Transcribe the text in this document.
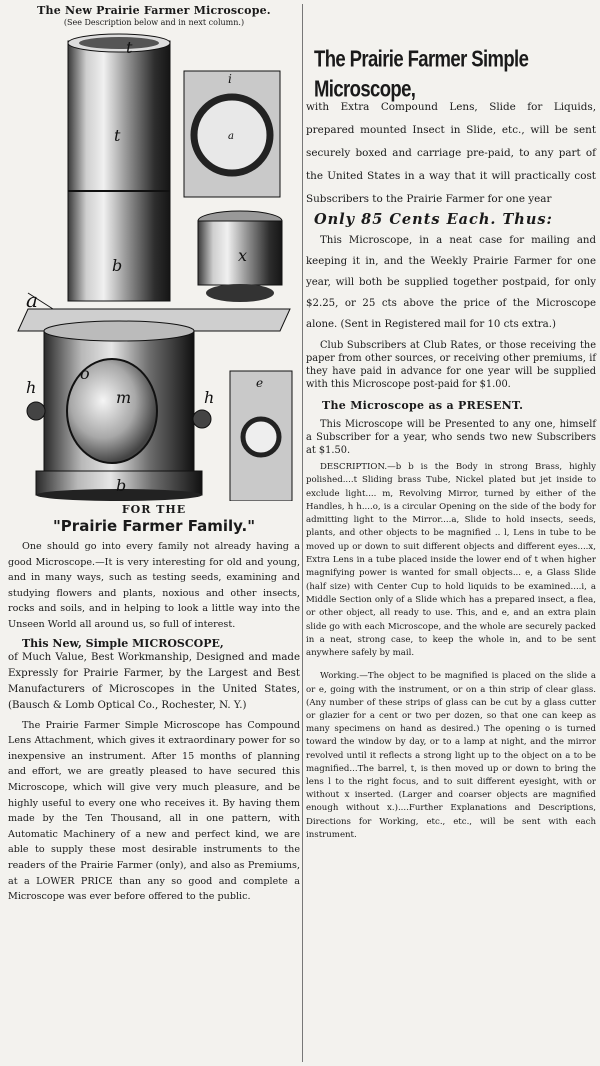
The New Prairie Farmer Microscope.
(See Description below and in next column.)
t
t
i
a
x
b
a
h
o
m	h
b
e
FOR THE
"Prairie Farmer Family."

One should go into every family not already having a good Microscope.—It is very interesting for old and young, and in many ways, such as testing seeds, examining and studying flowers and plants, noxious and other insects, rocks and soils, and in helping to look a little way into the Unseen World all around us, so full of interest.

This New, Simple MICROSCOPE,

of Much Value, Best Workmanship, Designed and made Expressly for Prairie Farmer, by the Largest and Best Manufacturers of Microscopes in the United States, (Bausch & Lomb Optical Co., Rochester, N. Y.)

The Prairie Farmer Simple Microscope has Compound Lens Attachment, which gives it extraordinary power for so inexpensive an instrument. After 15 months of planning and effort, we are greatly pleased to have secured this Microscope, which will give very much pleasure, and be highly useful to every one who receives it. By having them made by the Ten Thousand, all in one pattern, with Automatic Machinery of a new and perfect kind, we are able to supply these most desirable instruments to the readers of the Prairie Farmer (only), and also as Premiums, at a LOWER PRICE than any so good and complete a Microscope was ever before offered to the public.

The Prairie Farmer Simple Microscope,

with Extra Compound Lens, Slide for Liquids, prepared mounted Insect in Slide, etc., will be sent securely boxed and carriage pre-paid, to any part of the United States in a way that it will practically cost Subscribers to the Prairie Farmer for one year

Only 85 Cents Each. Thus:

This Microscope, in a neat case for mailing and keeping it in, and the Weekly Prairie Farmer for one year, will both be supplied together postpaid, for only $2.25, or 25 cts above the price of the Microscope alone. (Sent in Registered mail for 10 cts extra.)

Club Subscribers at Club Rates, or those receiving the paper from other sources, or receiving other premiums, if they have paid in advance for one year will be supplied with this Microscope post-paid for $1.00.

The Microscope as a PRESENT.

This Microscope will be Presented to any one, himself a Subscriber for a year, who sends two new Subscribers at $1.50.

DESCRIPTION.—b b is the Body in strong Brass, highly polished....t Sliding brass Tube, Nickel plated but jet inside to exclude light.... m, Revolving Mirror, turned by either of the Handles, h h....o, is a circular Opening on the side of the body for admitting light to the Mirror....a, Slide to hold insects, seeds, plants, and other objects to be magnified .. l, Lens in tube to be moved up or down to suit different objects and different eyes....x, Extra Lens in a tube placed inside the lower end of t when higher magnifying power is wanted for small objects... e, a Glass Slide (half size) with Center Cup to hold liquids to be examined....i, a Middle Section only of a Slide which has a prepared insect, a flea, or other object, all ready to use. This, and e, and an extra plain slide go with each Microscope, and the whole are securely packed in a neat, strong case, to keep the whole in, and to be sent anywhere safely by mail.

Working.—The object to be magnified is placed on the slide a or e, going with the instrument, or on a thin strip of clear glass. (Any number of these strips of glass can be cut by a glass cutter or glazier for a cent or two per dozen, so that one can keep as many specimens on hand as desired.) The opening o is turned toward the window by day, or to a lamp at night, and the mirror revolved until it reflects a strong light up to the object on a to be magnified...The barrel, t, is then moved up or down to bring the lens l to the right focus, and to suit different eyesight, with or without x inserted. (Larger and coarser objects are magnified enough without x.)....Further Explanations and Descriptions, Directions for Working, etc., etc., will be sent with each instrument.
